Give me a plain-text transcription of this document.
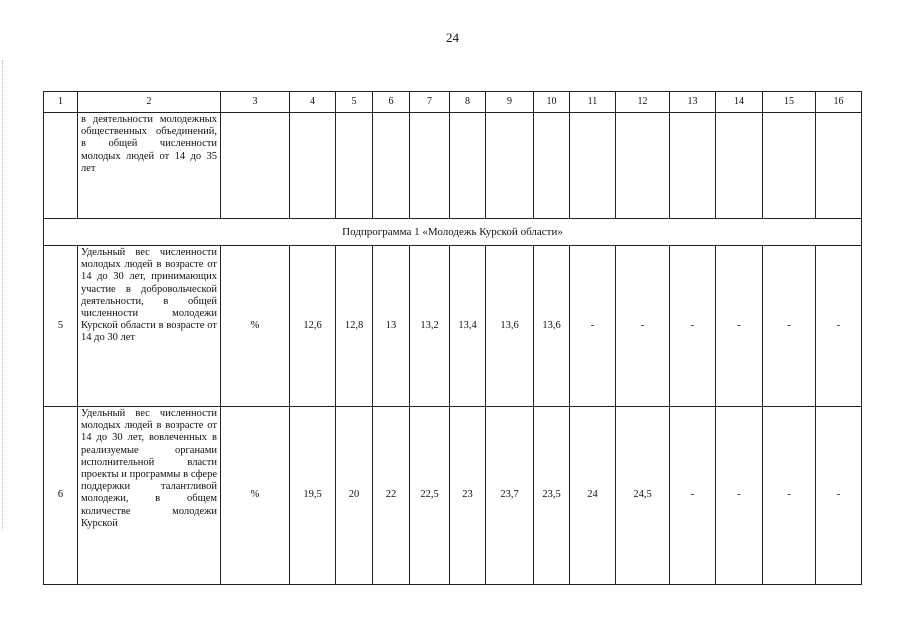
24
1	2	3	4	5	6	7	8	9	10	11	12	13	14	15	16
	в деятельности молодежных общественных объединений, в общей численности молодых людей от 14 до 35 лет														
Подпрограмма 1 «Молодежь Курской области»															
5	Удельный вес численности молодых людей в возрасте от 14 до 30 лет, принимающих участие в добровольческой деятельности, в общей численности молодежи Курской области в возрасте от 14 до 30 лет	%	12,6	12,8	13	13,2	13,4	13,6	13,6	-	-	-	-	-	-
6	Удельный вес численности молодых людей в возрасте от 14 до 30 лет, вовлеченных в реализуемые органами исполнительной власти проекты и программы в сфере поддержки талантливой молодежи, в общем количестве молодежи Курской	%	19,5	20	22	22,5	23	23,7	23,5	24	24,5	-	-	-	-
